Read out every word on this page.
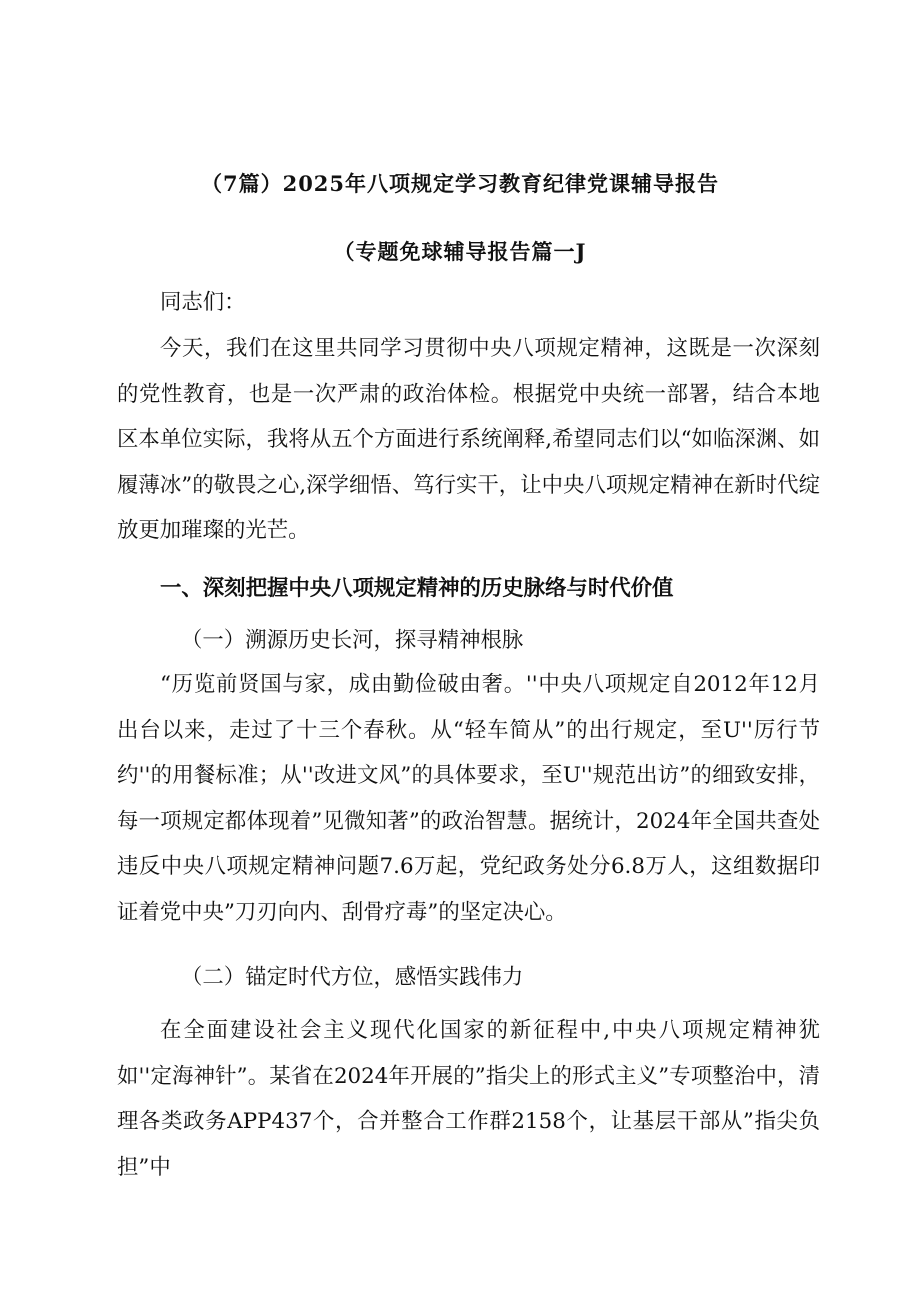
（7篇）2025年八项规定学习教育纪律党课辅导报告
（专题免球辅导报告篇一J
同志们：

今天，我们在这里共同学习贯彻中央八项规定精神，这既是一次深刻的党性教育，也是一次严肃的政治体检。根据党中央统一部署，结合本地区本单位实际，我将从五个方面进行系统阐释,希望同志们以“如临深渊、如履薄冰”的敬畏之心,深学细悟、笃行实干，让中央八项规定精神在新时代绽放更加璀璨的光芒。

一、深刻把握中央八项规定精神的历史脉络与时代价值
（一）溯源历史长河，探寻精神根脉

“历览前贤国与家，成由勤俭破由奢。''中央八项规定自2012年12月出台以来，走过了十三个春秋。从“轻车简从”的出行规定，至U''厉行节约''的用餐标准；从''改进文风”的具体要求，至U''规范出访”的细致安排，每一项规定都体现着”见微知著”的政治智慧。据统计，2024年全国共查处违反中央八项规定精神问题7.6万起，党纪政务处分6.8万人，这组数据印证着党中央”刀刃向内、刮骨疗毒”的坚定决心。

（二）锚定时代方位，感悟实践伟力

在全面建设社会主义现代化国家的新征程中,中央八项规定精神犹如''定海神针”。某省在2024年开展的”指尖上的形式主义”专项整治中，清理各类政务APP437个，合并整合工作群2158个，让基层干部从”指尖负担”中
